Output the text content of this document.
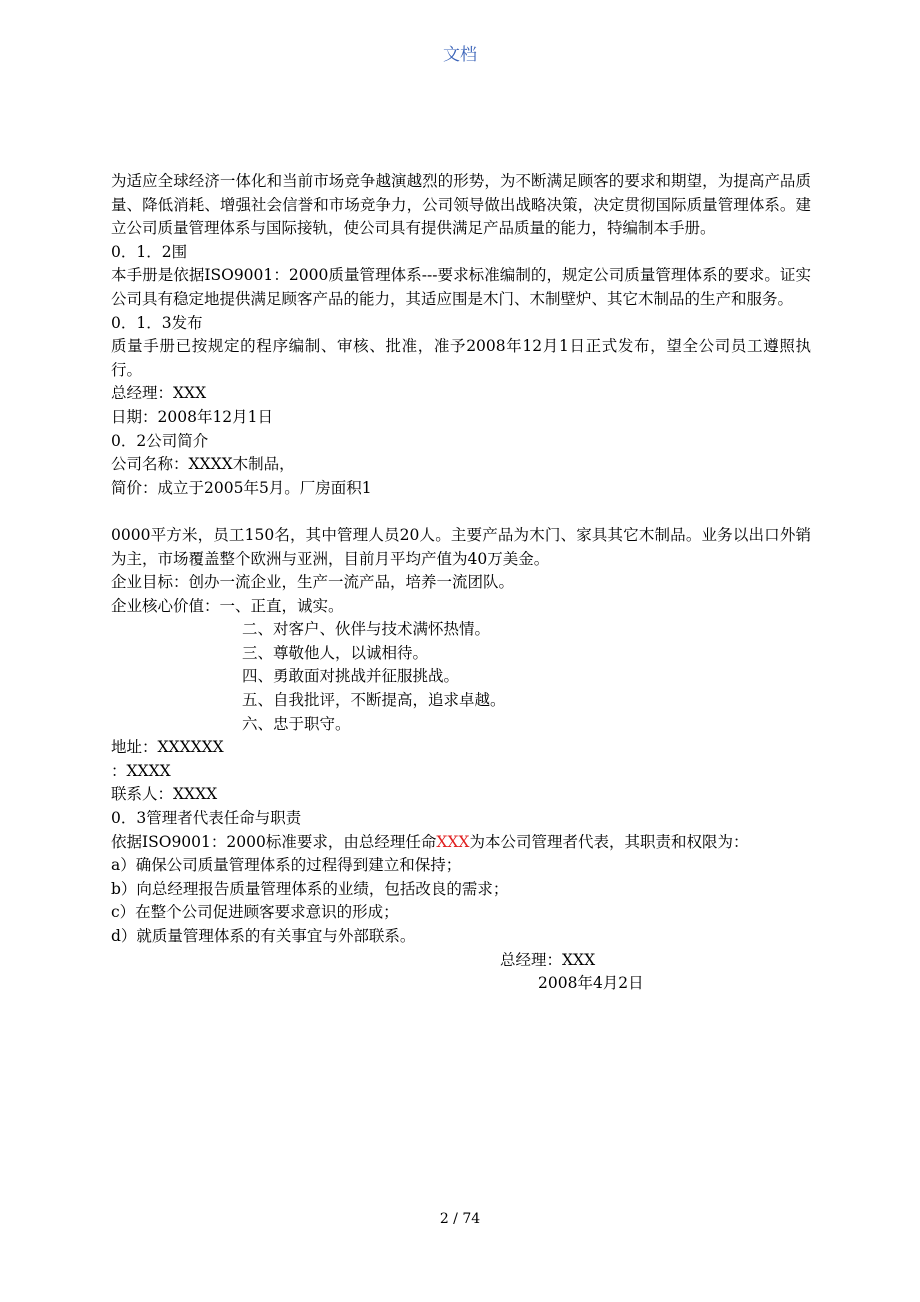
文档

为适应全球经济一体化和当前市场竞争越演越烈的形势，为不断满足顾客的要求和期望，为提高产品质量、降低消耗、增强社会信誉和市场竞争力，公司领导做出战略决策，决定贯彻国际质量管理体系。建立公司质量管理体系与国际接轨，使公司具有提供满足产品质量的能力，特编制本手册。

0．1．2围

本手册是依据ISO9001：2000质量管理体系---要求标准编制的，规定公司质量管理体系的要求。证实公司具有稳定地提供满足顾客产品的能力，其适应围是木门、木制壁炉、其它木制品的生产和服务。

0．1．3发布

质量手册已按规定的程序编制、审核、批准，准予2008年12月1日正式发布，望全公司员工遵照执行。

总经理：XXX

日期：2008年12月1日

0．2公司简介

公司名称：XXXX木制品，

简价：成立于2005年5月。厂房面积1

0000平方米，员工150名，其中管理人员20人。主要产品为木门、家具其它木制品。业务以出口外销为主，市场覆盖整个欧洲与亚洲，目前月平均产值为40万美金。

企业目标：创办一流企业，生产一流产品，培养一流团队。

企业核心价值：一、正直，诚实。

二、对客户、伙伴与技术满怀热情。

三、尊敬他人，以诚相待。

四、勇敢面对挑战并征服挑战。

五、自我批评，不断提高，追求卓越。

六、忠于职守。

地址：XXXXXX

：XXXX

联系人：XXXX

0．3管理者代表任命与职责

依据ISO9001：2000标准要求，由总经理任命XXX为本公司管理者代表，其职责和权限为：

a）确保公司质量管理体系的过程得到建立和保持；

b）向总经理报告质量管理体系的业绩，包括改良的需求；

c）在整个公司促进顾客要求意识的形成；

d）就质量管理体系的有关事宜与外部联系。

总经理：XXX

2008年4月2日

2 / 74
